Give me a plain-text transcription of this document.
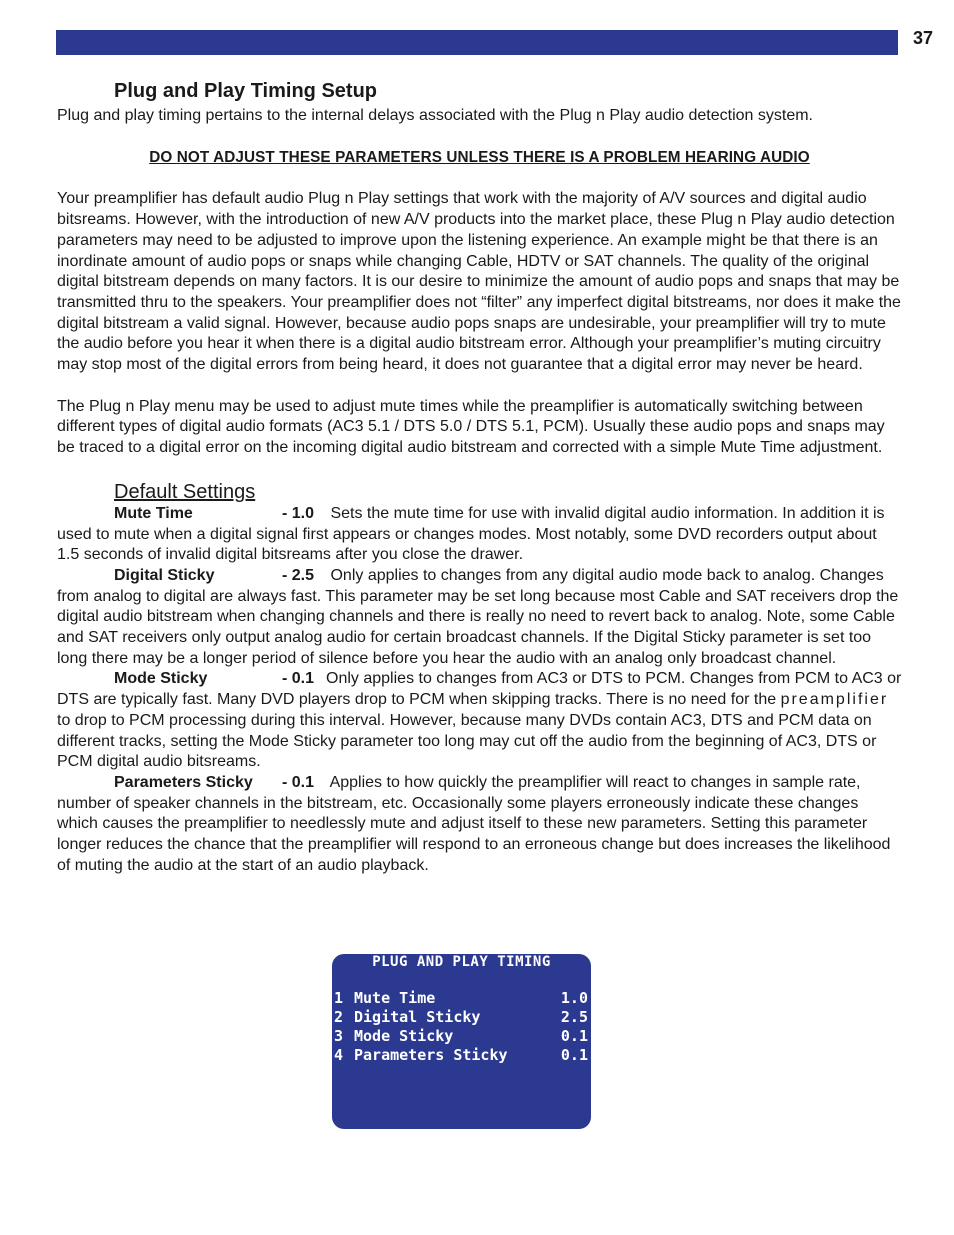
37
Plug and Play Timing Setup

Plug and play timing pertains to the internal delays associated with the Plug n Play audio detection system.

DO NOT ADJUST THESE PARAMETERS UNLESS THERE IS A PROBLEM HEARING AUDIO

Your preamplifier has default audio Plug n Play settings that work with the majority of A/V sources and digital audio bitsreams. However, with the introduction of new A/V products into the market place, these Plug n Play audio detection parameters may need to be adjusted to improve upon the listening experience. An example might be that there is an inordinate amount of audio pops or snaps while changing Cable, HDTV or SAT channels. The quality of the original digital bitstream depends on many factors. It is our desire to minimize the amount of audio pops and snaps that may be transmitted thru to the speakers. Your preamplifier does not “filter” any imperfect digital bitstreams, nor does it make the digital bitstream a valid signal. However, because audio pops snaps are undesirable, your preamplifier will try to mute the audio before you hear it when there is a digital audio bitstream error. Although your preamplifier’s muting circuitry may stop most of the digital errors from being heard, it does not guarantee that a digital error may never be heard.

The Plug n Play menu may be used to adjust mute times while the preamplifier is automatically switching between different types of digital audio formats (AC3 5.1 / DTS 5.0 / DTS 5.1, PCM). Usually these audio pops and snaps may be traced to a digital error on the incoming digital audio bitstream and corrected with a simple Mute Time adjustment.

Default Settings

Mute Time	- 1.0 Sets the mute time for use with invalid digital audio information. In addition it is used to mute when a digital signal first appears or changes modes. Most notably, some DVD recorders output about 1.5 seconds of invalid digital bitsreams after you close the drawer.

Digital Sticky	- 2.5 Only applies to changes from any digital audio mode back to analog. Changes from analog to digital are always fast. This parameter may be set long because most Cable and SAT receivers drop the digital audio bitstream when changing channels and there is really no need to revert back to analog. Note, some Cable and SAT receivers only output analog audio for certain broadcast channels. If the Digital Sticky parameter is set too long there may be a longer period of silence before you hear the audio with an analog only broadcast channel.

Mode Sticky	- 0.1 Only applies to changes from AC3 or DTS to PCM. Changes from PCM to AC3 or DTS are typically fast. Many DVD players drop to PCM when skipping tracks. There is no need for the preamplifier to drop to PCM processing during this interval. However, because many DVDs contain AC3, DTS and PCM data on different tracks, setting the Mode Sticky parameter too long may cut off the audio from the beginning of AC3, DTS or PCM digital audio bitsreams.

Parameters Sticky - 0.1 Applies to how quickly the preamplifier will react to changes in sample rate, number of speaker channels in the bitstream, etc. Occasionally some players erroneously indicate these changes which causes the preamplifier to needlessly mute and adjust itself to these new parameters. Setting this parameter longer reduces the chance that the preamplifier will respond to an erroneous change but does increases the likelihood of muting the audio at the start of an audio playback.

PLUG AND PLAY TIMING
1 Mute Time	1.0
2 Digital Sticky	2.5
3 Mode Sticky	0.1
4 Parameters Sticky	0.1
